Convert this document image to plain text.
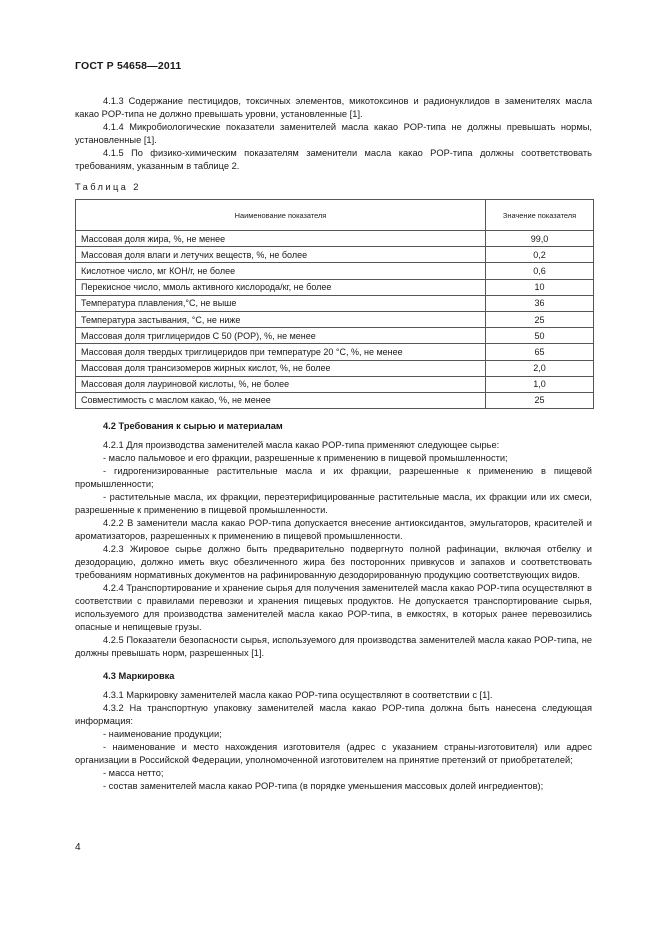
ГОСТ Р 54658—2011

4.1.3 Содержание пестицидов, токсичных элементов, микотоксинов и радионуклидов в заменителях масла какао POP-типа не должно превышать уровни, установленные [1].

4.1.4 Микробиологические показатели заменителей масла какао POP-типа не должны превышать нормы, установленные [1].

4.1.5 По физико-химическим показателям заменители масла какао POP-типа должны соответствовать требованиям, указанным в таблице 2.

Таблица 2
Наименование показателя	Значение показателя
Массовая доля жира, %, не менее	99,0
Массовая доля влаги и летучих веществ, %, не более	0,2
Кислотное число, мг КОН/г, не более	0,6
Перекисное число, ммоль активного кислорода/кг, не более	10
Температура плавления,°С, не выше	36
Температура застывания, °С, не ниже	25
Массовая доля триглицеридов С 50 (POP), %, не менее	50
Массовая доля твердых триглицеридов при температуре 20 °С, %, не менее	65
Массовая доля трансизомеров жирных кислот, %, не более	2,0
Массовая доля лауриновой кислоты, %, не более	1,0
Совместимость с маслом какао, %, не менее	25

4.2 Требования к сырью и материалам

4.2.1 Для производства заменителей масла какао POP-типа применяют следующее сырье:

- масло пальмовое и его фракции, разрешенные к применению в пищевой промышленности;

- гидрогенизированные растительные масла и их фракции, разрешенные к применению в пищевой промышленности;

- растительные масла, их фракции, переэтерифицированные растительные масла, их фракции или их смеси, разрешенные к применению в пищевой промышленности.

4.2.2 В заменители масла какао POP-типа допускается внесение антиоксидантов, эмульгаторов, красителей и ароматизаторов, разрешенных к применению в пищевой промышленности.

4.2.3 Жировое сырье должно быть предварительно подвергнуто полной рафинации, включая отбелку и дезодорацию, должно иметь вкус обезличенного жира без посторонних привкусов и запахов и соответствовать требованиям нормативных документов на рафинированную дезодорированную продукцию соответствующих видов.

4.2.4 Транспортирование и хранение сырья для получения заменителей масла какао POP-типа осуществляют в соответствии с правилами перевозки и хранения пищевых продуктов. Не допускается транспортирование сырья, используемого для производства заменителей масла какао POP-типа, в емкостях, в которых ранее перевозились опасные и непищевые грузы.

4.2.5 Показатели безопасности сырья, используемого для производства заменителей масла какао POP-типа, не должны превышать норм, разрешенных [1].

4.3 Маркировка

4.3.1 Маркировку заменителей масла какао POP-типа осуществляют в соответствии с [1].

4.3.2 На транспортную упаковку заменителей масла какао POP-типа должна быть нанесена следующая информация:

- наименование продукции;

- наименование и место нахождения изготовителя (адрес с указанием страны-изготовителя) или адрес организации в Российской Федерации, уполномоченной изготовителем на принятие претензий от приобретателей;

- масса нетто;

- состав заменителей масла какао POP-типа (в порядке уменьшения массовых долей ингредиентов);

4
